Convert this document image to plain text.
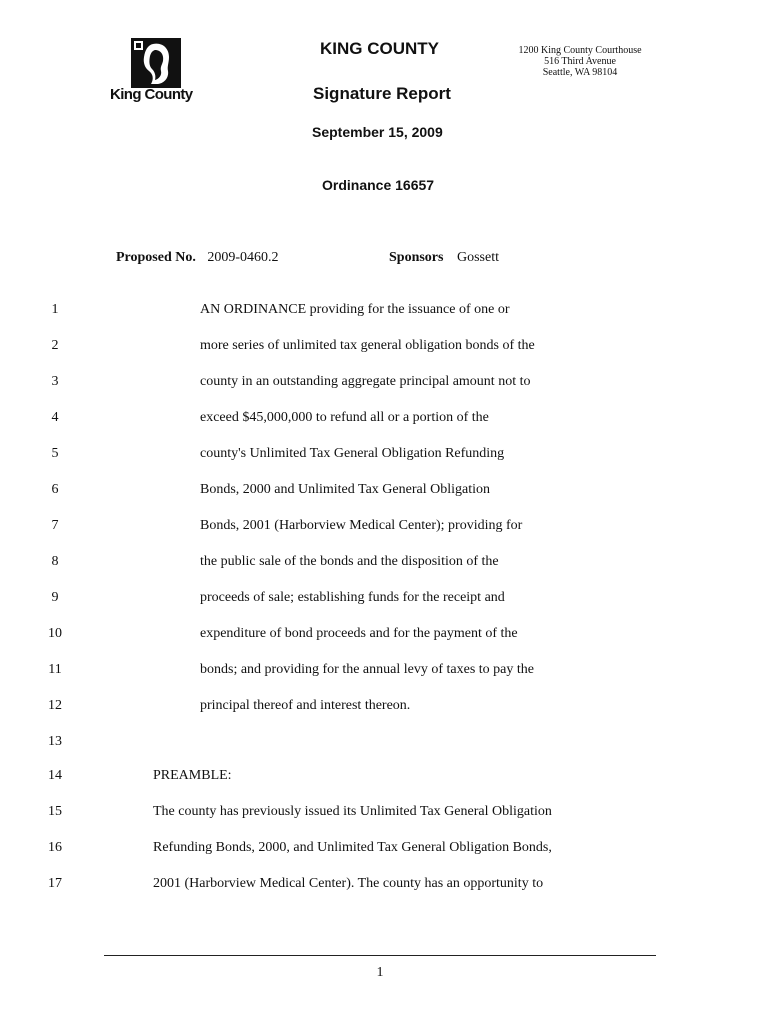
King County
KING COUNTY
Signature Report
September 15, 2009
Ordinance 16657
1200 King County Courthouse
516 Third Avenue
Seattle, WA 98104
Proposed No. 2009-0460.2	Sponsors Gossett
1	AN ORDINANCE providing for the issuance of one or
2	more series of unlimited tax general obligation bonds of the
3	county in an outstanding aggregate principal amount not to
4	exceed $45,000,000 to refund all or a portion of the
5	county's Unlimited Tax General Obligation Refunding
6	Bonds, 2000 and Unlimited Tax General Obligation
7	Bonds, 2001 (Harborview Medical Center); providing for
8	the public sale of the bonds and the disposition of the
9	proceeds of sale; establishing funds for the receipt and
10	expenditure of bond proceeds and for the payment of the
11	bonds; and providing for the annual levy of taxes to pay the
12	principal thereof and interest thereon.
13
14	PREAMBLE:
15	The county has previously issued its Unlimited Tax General Obligation
16	Refunding Bonds, 2000, and Unlimited Tax General Obligation Bonds,
17	2001 (Harborview Medical Center). The county has an opportunity to
1
